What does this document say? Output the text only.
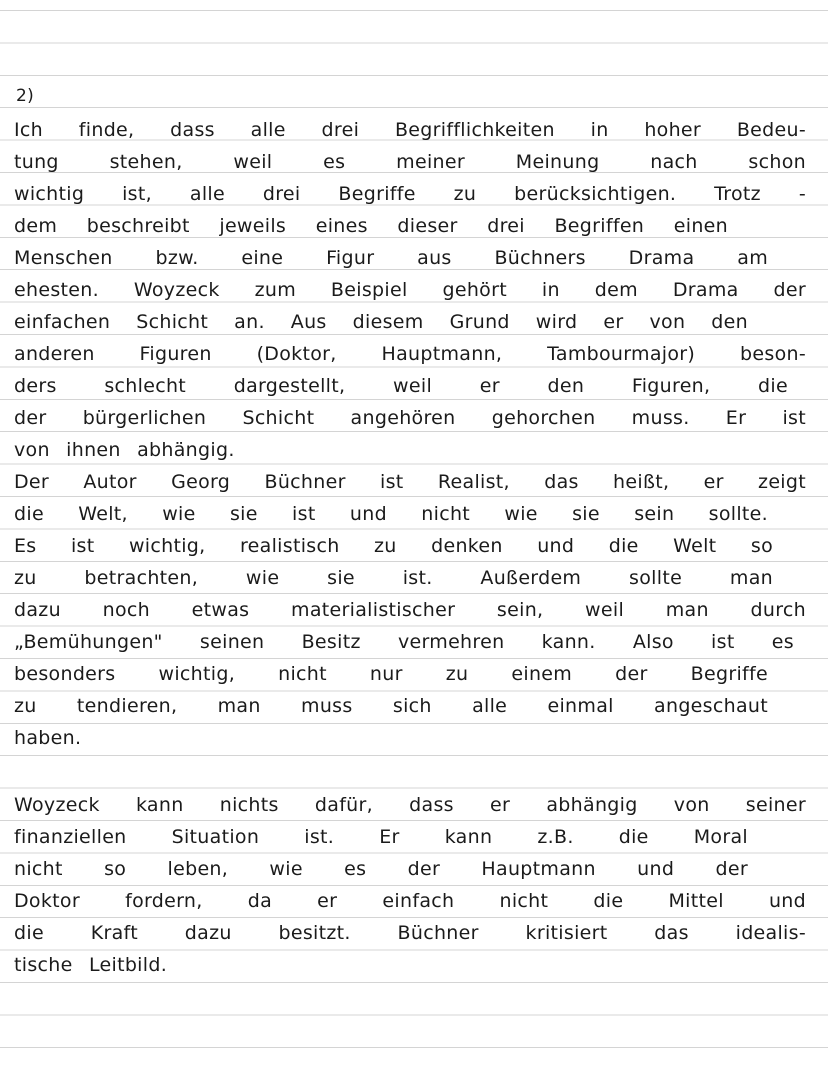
2)
Ich finde, dass alle drei Begrifflichkeiten in hoher Bedeu-
tung stehen, weil es meiner Meinung nach schon
wichtig ist, alle drei Begriffe zu berücksichtigen. Trotz -
dem beschreibt jeweils eines dieser drei Begriffen einen
Menschen bzw. eine Figur aus Büchners Drama am
ehesten. Woyzeck zum Beispiel gehört in dem Drama der
einfachen Schicht an. Aus diesem Grund wird er von den
anderen Figuren (Doktor, Hauptmann, Tambourmajor) beson-
ders schlecht dargestellt, weil er den Figuren, die
der bürgerlichen Schicht angehören gehorchen muss. Er ist
von ihnen abhängig.
Der Autor Georg Büchner ist Realist, das heißt, er zeigt
die Welt, wie sie ist und nicht wie sie sein sollte.
Es ist wichtig, realistisch zu denken und die Welt so
zu betrachten, wie sie ist. Außerdem sollte man
dazu noch etwas materialistischer sein, weil man durch
„Bemühungen" seinen Besitz vermehren kann. Also ist es
besonders wichtig, nicht nur zu einem der Begriffe
zu tendieren, man muss sich alle einmal angeschaut
haben.
Woyzeck kann nichts dafür, dass er abhängig von seiner
finanziellen Situation ist. Er kann z.B. die Moral
nicht so leben, wie es der Hauptmann und der
Doktor fordern, da er einfach nicht die Mittel und
die Kraft dazu besitzt. Büchner kritisiert das idealis-
tische Leitbild.
